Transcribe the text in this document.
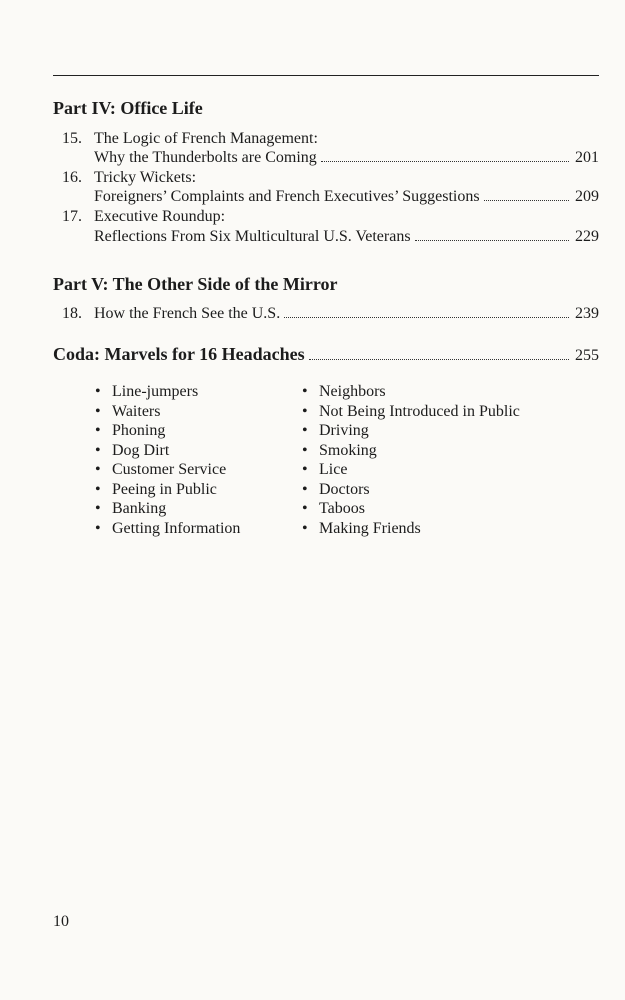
Part IV: Office Life
15. The Logic of French Management:
Why the Thunderbolts are Coming	201
16. Tricky Wickets:
Foreigners’ Complaints and French Executives’ Suggestions	209
17. Executive Roundup:
Reflections From Six Multicultural U.S. Veterans	229
Part V: The Other Side of the Mirror
18. How the French See the U.S.	239
Coda: Marvels for 16 Headaches	255
• Line-jumpers
• Waiters
• Phoning
• Dog Dirt
• Customer Service
• Peeing in Public
• Banking
• Getting Information
• Neighbors
• Not Being Introduced in Public
• Driving
• Smoking
• Lice
• Doctors
• Taboos
• Making Friends
10
